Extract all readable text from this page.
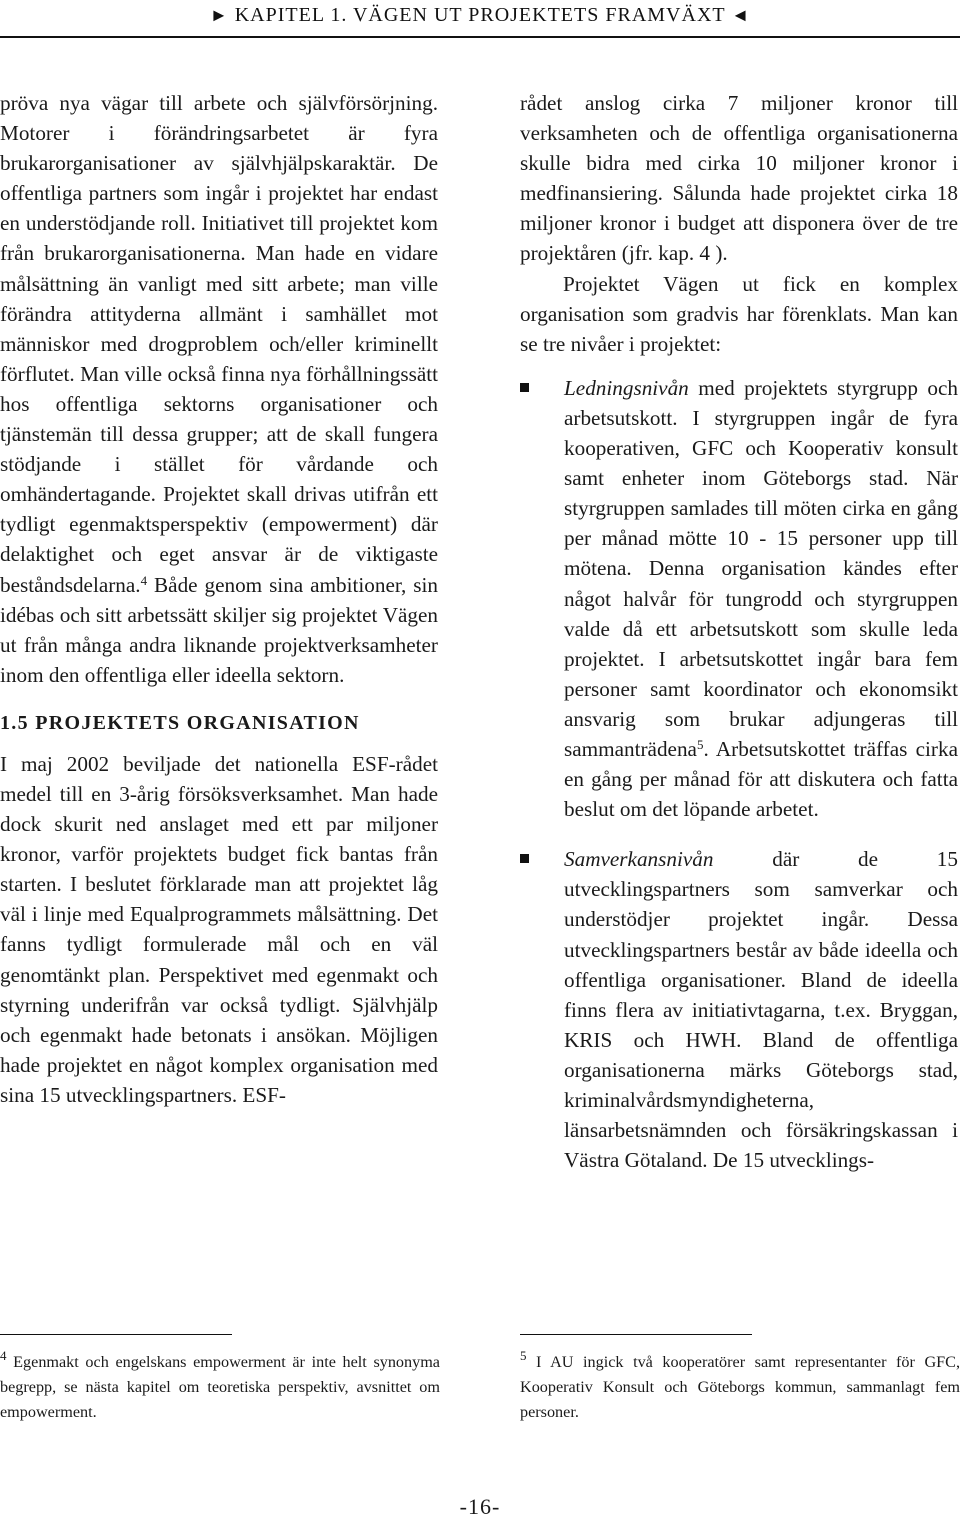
► KAPITEL 1. VÄGEN UT PROJEKTETS FRAMVÄXT ◄

pröva nya vägar till arbete och självförsörjning. Motorer i förändringsarbetet är fyra brukarorganisationer av självhjälpskaraktär. De offentliga partners som ingår i projektet har endast en understödjande roll. Initiativet till projektet kom från brukarorganisationerna. Man hade en vidare målsättning än vanligt med sitt arbete; man ville förändra attityderna allmänt i samhället mot människor med drogproblem och/eller kriminellt förflutet. Man ville också finna nya förhållningssätt hos offentliga sektorns organisationer och tjänstemän till dessa grupper; att de skall fungera stödjande i stället för vårdande och omhändertagande. Projektet skall drivas utifrån ett tydligt egenmaktsperspektiv (empowerment) där delaktighet och eget ansvar är de viktigaste beståndsdelarna.$^4$ Både genom sina ambitioner, sin idébas och sitt arbetssätt skiljer sig projektet Vägen ut från många andra liknande projektverksamheter inom den offentliga eller ideella sektorn.

1.5 PROJEKTETS ORGANISATION

I maj 2002 beviljade det nationella ESF-rådet medel till en 3-årig försöksverksamhet. Man hade dock skurit ned anslaget med ett par miljoner kronor, varför projektets budget fick bantas från starten. I beslutet förklarade man att projektet låg väl i linje med Equalprogrammets målsättning. Det fanns tydligt formulerade mål och en väl genomtänkt plan. Perspektivet med egenmakt och styrning underifrån var också tydligt. Självhjälp och egenmakt hade betonats i ansökan. Möjligen hade projektet en något komplex organisation med sina 15 utvecklingspartners. ESF-

rådet anslog cirka 7 miljoner kronor till verksamheten och de offentliga organisationerna skulle bidra med cirka 10 miljoner kronor i medfinansiering. Sålunda hade projektet cirka 18 miljoner kronor i budget att disponera över de tre projektåren (jfr. kap. 4 ).

Projektet Vägen ut fick en komplex organisation som gradvis har förenklats. Man kan se tre nivåer i projektet:

Ledningsnivån med projektets styrgrupp och arbetsutskott. I styrgruppen ingår de fyra kooperativen, GFC och Kooperativ konsult samt enheter inom Göteborgs stad. När styrgruppen samlades till möten cirka en gång per månad mötte 10 - 15 personer upp till mötena. Denna organisation kändes efter något halvår för tungrodd och styrgruppen valde då ett arbetsutskott som skulle leda projektet. I arbetsutskottet ingår bara fem personer samt koordinator och ekonomsikt ansvarig som brukar adjungeras till sammanträdena$^5$. Arbetsutskottet träffas cirka en gång per månad för att diskutera och fatta beslut om det löpande arbetet.

Samverkansnivån där de 15 utvecklingspartners som samverkar och understödjer projektet ingår. Dessa utvecklingspartners består av både ideella och offentliga organisationer. Bland de ideella finns flera av initiativtagarna, t.ex. Bryggan, KRIS och HWH. Bland de offentliga organisationerna märks Göteborgs stad, kriminalvårdsmyndigheterna, länsarbetsnämnden och försäkringskassan i Västra Götaland. De 15 utvecklings-

$^4$ Egenmakt och engelskans empowerment är inte helt synonyma begrepp, se nästa kapitel om teoretiska perspektiv, avsnittet om empowerment.
$^5$ I AU ingick två kooperatörer samt representanter för GFC, Kooperativ Konsult och Göteborgs kommun, sammanlagt fem personer.
-16-
